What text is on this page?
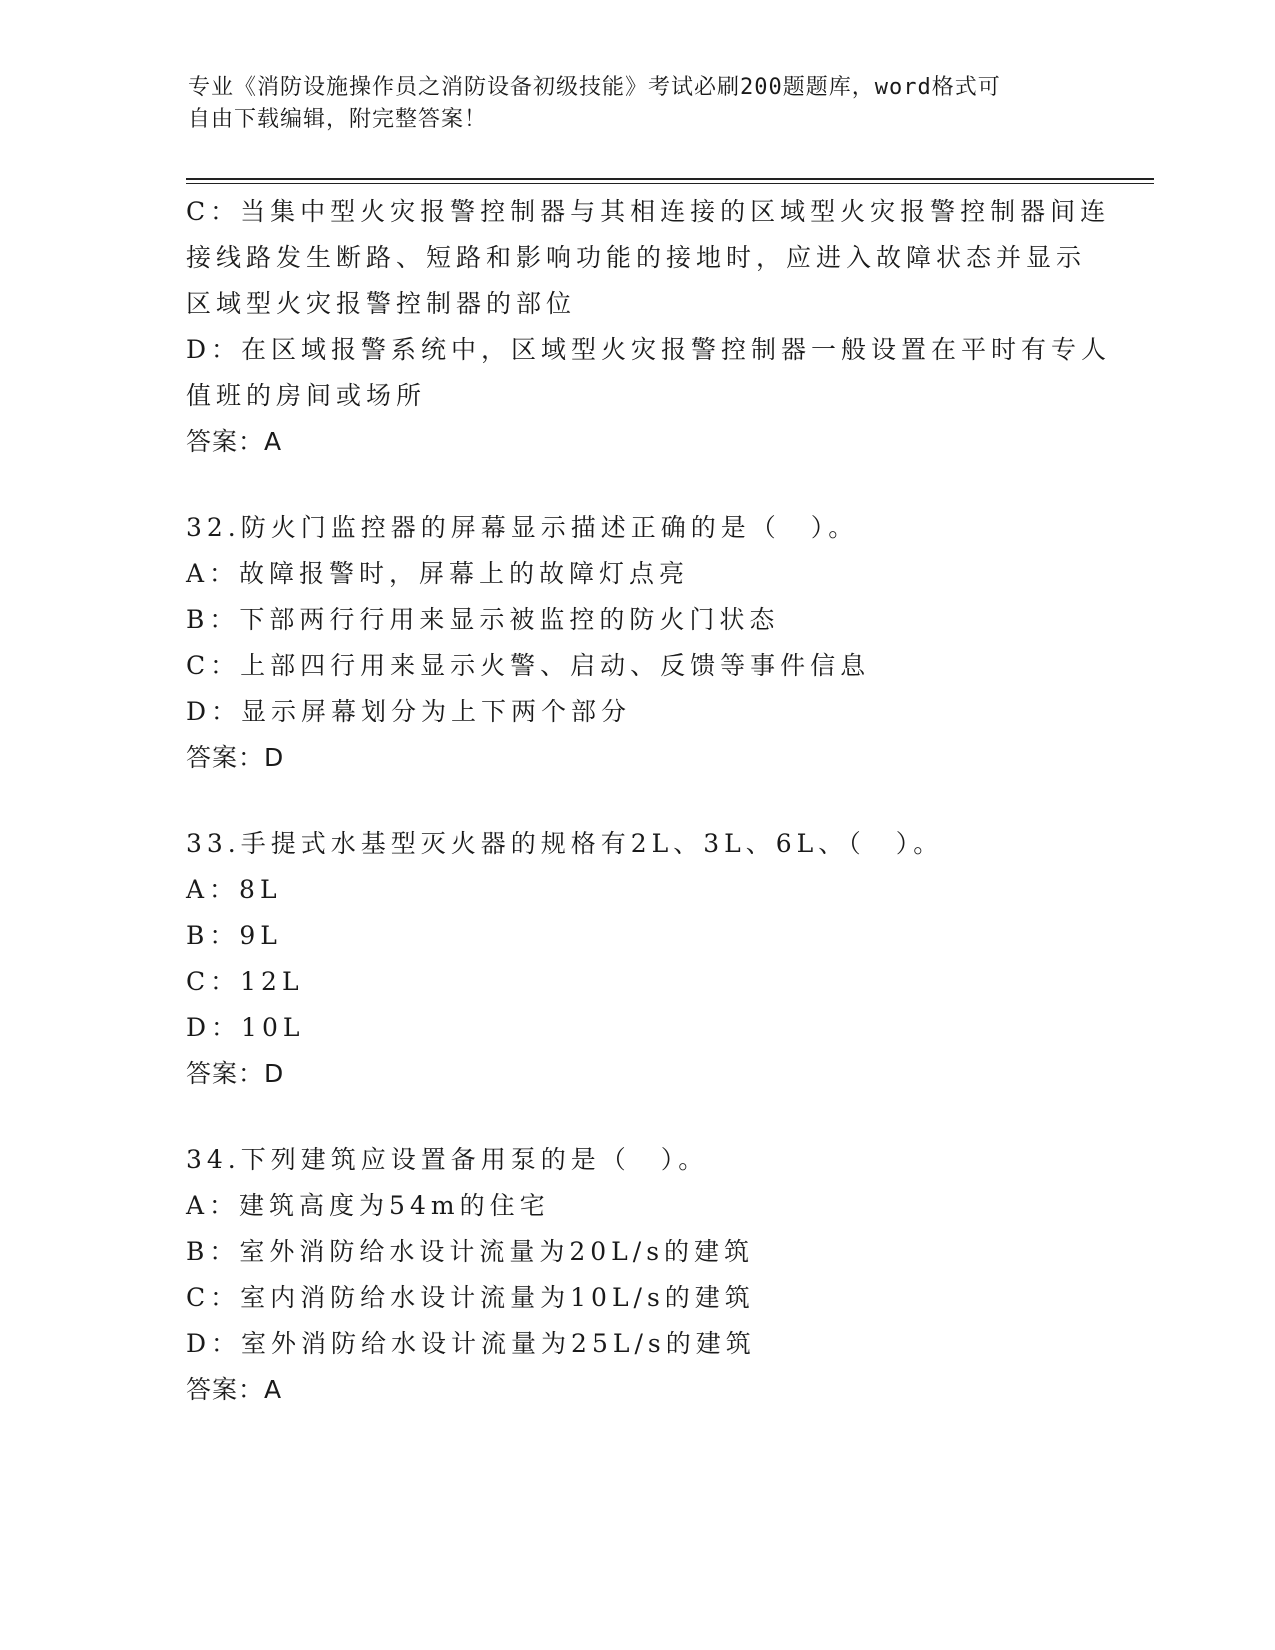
专业《消防设施操作员之消防设备初级技能》考试必刷200题题库，word格式可
自由下载编辑，附完整答案！
C：当集中型火灾报警控制器与其相连接的区域型火灾报警控制器间连
接线路发生断路、短路和影响功能的接地时，应进入故障状态并显示
区域型火灾报警控制器的部位
D：在区域报警系统中，区域型火灾报警控制器一般设置在平时有专人
值班的房间或场所
答案：A
32.防火门监控器的屏幕显示描述正确的是（　）。
A：故障报警时，屏幕上的故障灯点亮
B：下部两行行用来显示被监控的防火门状态
C：上部四行用来显示火警、启动、反馈等事件信息
D：显示屏幕划分为上下两个部分
答案：D
33.手提式水基型灭火器的规格有2L、3L、6L、（　）。
A：8L
B：9L
C：12L
D：10L
答案：D
34.下列建筑应设置备用泵的是（　）。
A：建筑高度为54m的住宅
B：室外消防给水设计流量为20L/s的建筑
C：室内消防给水设计流量为10L/s的建筑
D：室外消防给水设计流量为25L/s的建筑
答案：A
